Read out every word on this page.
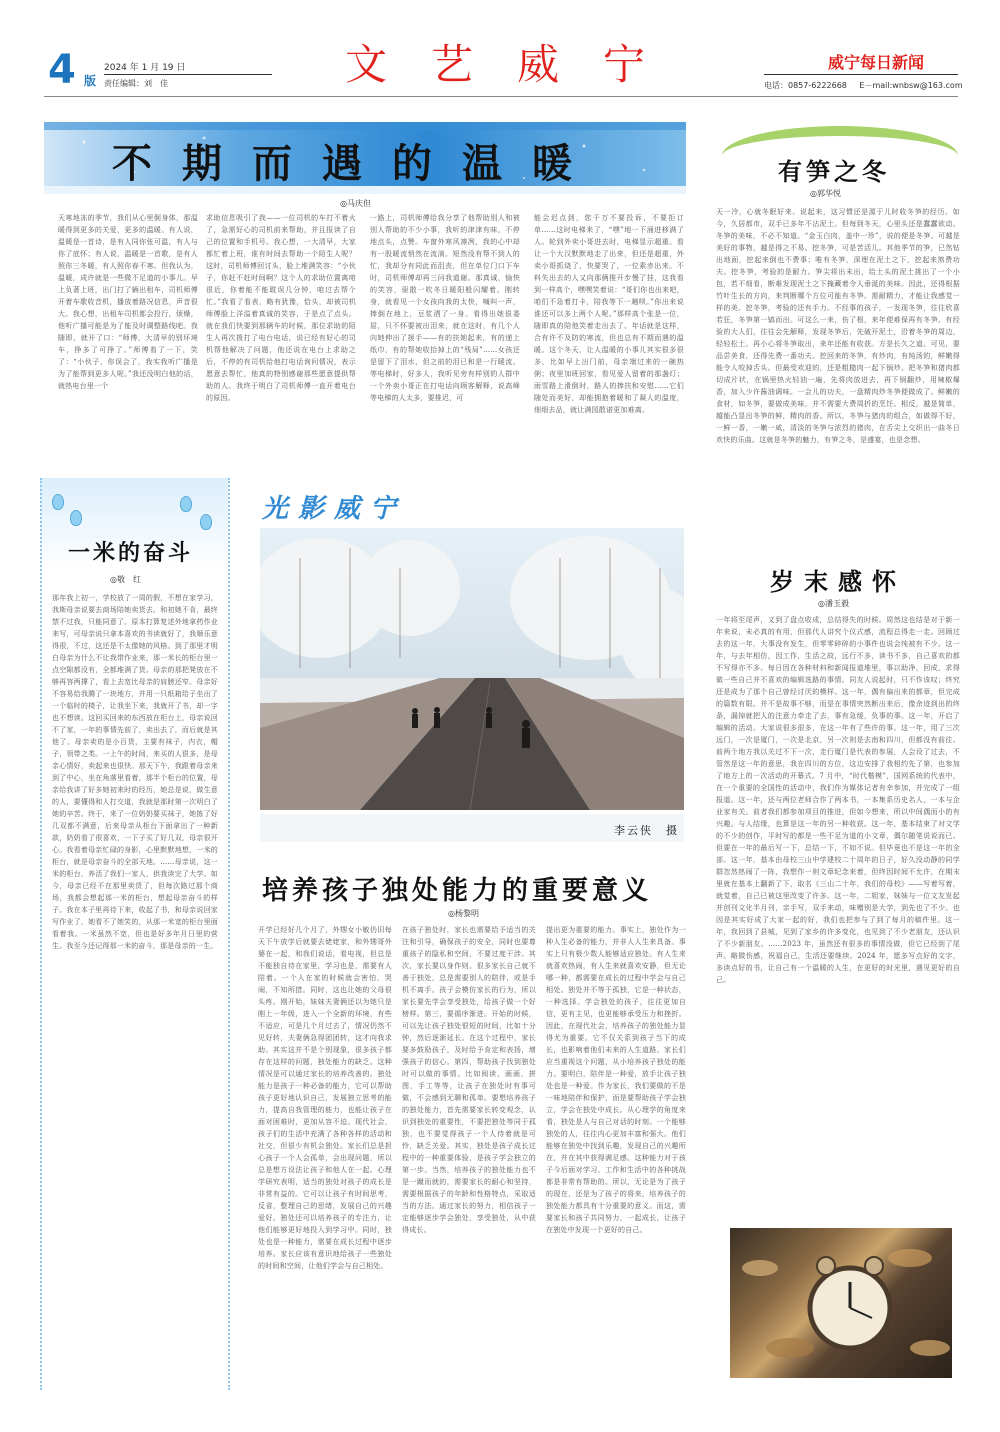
4 版
2024 年 1 月 19 日
责任编辑：刘　佳	文艺威宁	威宁每日新闻
电话：0857-6222668 E－mail:wnbsw@163.com
不期而遇的温暖
◎马庆但
天寒地冻的季节，我们从心里倒身体，那温暖得到更多的关爱，更多的温暖。有人说，温暖是一首诗，是有人同你张可温，有人与你了底怀；有人说，温暖是一首歌，是有人照你三冬暖，有人照你春不寒。但我认为，温暖，成许就是一些微不足道的小事儿。早上负著上班，出门打了辆出租车，司机师傅开着车歌收音机，播放着路况信息，声音很大。我心想，出租车司机都会投行，烦燥，他听广播可能是为了能及时调整路线吧。我随即，就开了口：“师傅，大清早的别环境车，挣多了可挣了。”师傅看了一下，笑了：“小伙子，你误会了，我实我听广播是为了能帮到更多人呢。”我还没明白他的话，就热电台里一个
求助信息吸引了我——一位司机的车打不着火了，急需好心的司机前来帮助，并且报读了自己的位置和手机号。我心想，一大清早，大家都忙着上班，谁有时间去帮助一个陌生人呢？这时，司机师傅回讨头，脸上堆满笑容：“小伙子，你赶不赶时间啊？这个人的求助位置离咱很近，你着能不能耽误几分钟，咱过去帮个忙。”我看了看表，略有犹豫，恰头，却被司机师傅脸上洋溢着真诚的笑容，于是点了点头。就在我们快要到那辆车的时候，那位求助的陌生人再次拨打了电台电话，说已经有好心的司机帮他解决了问题，他还说在电台上求助之后，不停的有司机给他打电话询问情况，表示愿意去帮忙，他真的特别感谢那些愿意提供帮助的人。我终于明白了司机师傅一直开着电台的原因。
一路上，司机师傅给我分享了他帮助别人和被别人帮助的不少小事，我听的津津有味，不停地点头，点赞。车窗外寒风凛冽，我的心中却有一股暖流悄然在流淌。短然没有帮不到人的忙，我却分有同此而沮丧，但在单位门口下车时，司机师傅却再三问我道谢。那真诚，愉快的笑容，驱散一吹冬日暖阳般闪耀着。刚转身，就看见一个女孩向我的太快，喊叫一声，捧倒在地上，豆浆洒了一身。看得出她很委屈，只不怀要被出泪来，就在这时，有几个人向她伸出了援手——有的扶她起来，有的递上纸巾，有的帮她收拾掉上的“残局”……女孩还是留下了泪水，但之前的泪已和是一行暖流。等电梯时，好多人，我听见旁有样别的人群中一个外卖小哥正在打电话向顾客解释，说高峰等电梯的人太多，要推迟，可
能会迟点到，您千万不要投诉，不要拒订单……这时电梯来了，“嘿”地一下涌进移满了人。轮到外卖小哥进去时，电梯显示超重。看让一个大汉默默地走了出来，但还是超重，外卖小哥抓烧了，快要哭了，一位素赤出来。不料失出去的人又向那俩推开步慢了挂，这我看到一样高个，嘿嘿笑着说：“哥们你也出来吧，咱们不急着打卡，陪我等下一趟呗。”你出来说谁还可以多上两个人呢。”那样高个张是一位，随即真的陪他笑着走出去了。年话就是这样，合有许不及防的寒流，但也总有不期而遇的温暖。这个冬天，让人温暖的小事儿其实很多很多，比如早上出门前，母亲端过来的一碗热粥；夜里加班回家，看见爱人留着的那盏灯；雨雪路上滑倒时，路人的捧扶和安慰……它们随处而美好，却能拥抱着暖和了凝人的温度，细细去品，就让满园散诺更加难离。
有笋之冬
◎郭华悦
天一冷，心就冬眠好来。说起来，这习惯还是源于儿时收冬笋的经历。如今，久居都市，双手已多年不沾泥土。但每到冬天，心里头还是蠢蠢欲动。冬笋的美味，不必不知道。“金玉白肉，盖中一珍”，说的便是冬笋。可越是美好的事物，越是得之不易。挖冬笋，可是苦活儿。其他季节的笋，已然钻出地面，挖起来倒也不费事；唯有冬笋，深埋在泥土之下，挖起来煞费功夫。挖冬笋，考验的是耐力。笋尖将出未出，给土头的泥土挑出了一个小包，若不细看，断难发现泥土之下掩藏着令人垂涎的美味。因此，还得根据竹叶生长的方向，来判断哪个方位可能有冬笋。需耐精力，才能让我感觉一样的美。挖冬笋，考验的还有手力。不经事的孩子，一发现冬笋，往往欣喜若狂，冬笋第一镐而出。可这么一来，伤了根，来年便难保再有冬笋。有经验的大人们，往往会先解释，发现冬笋后，先破开泥土，沿着冬笋的周边，轻轻松土。再小心将冬笋取出，来年还能有收获。方是长久之道。可见，要品尝美食，还得先费一番功夫。挖回来的冬笋，有炒肉，有炖汤的，鲜嫩得能令人咬掉舌头。但最受欢迎的，还是粗糙肉一起下锅炒。把冬笋和猪肉都切成片状，在锅里热火轻油一遍，先将肉放进去，再下锅翻炒，用辣椒爆香，加入少许酱油调味。一会儿的功夫，一盘精肉炒冬笋便做成了。鲜嫩的食材，如冬笋，要做成美味，并不需要大费周折的烹饪。相反，越是简单，越能凸显出冬笋的鲜，精肉的香。所以，冬笋与猪肉的组合，如做得不好，一鲜一香，一嫩一咸，清淡的冬笋与浓烈的猪肉，在舌尖上交织出一曲冬日欢快的乐曲。这就是冬笋的魅力，有笋之冬，是盛宴，也是念想。
岁末感怀
◎潘玉毅
一年将至尾声，又到了盘点收成，总结得失的时候。周然这也结是对于新一年来说，未必真的有用，但那代人讲究个仪式感，流程总得走一走。回顾过去的这一年，大事没有发生，但零零碎碎的小事件也说会纯被有不少。这一年，与去年相仿，因工作，生活之故，远行不多，读书不多，自己喜欢的都不写得亦不多。每日因在各种材料和新闻报道堆里，事以助净，回成，求得做一些自己并不喜欢的编辑选路的事情。同友人说起时，只不作该叹；终究还是成为了那个自己曾经讨厌的模样。这一年，偶有偏出来的都章，但完成的篇数有限。并不是故事不够，而是在事情突然断出来后，像余迹到出的终条，漏掉就把人的注意力牵走了去，事有急缓，负事的事。这一年，开启了编辑的活动。大家说很多很多，在这一年有了些许的事。这一年，用了三次远门，一次是厦门，一次是北京，另一次则是去南和四川，但都没有前往。前两个地方我以关过不下一次，走行厦门是代表的参展，人会设了过去，不管然是这一年的意思，我在四川的方位，这边安排了我相约先了第，也参加了地方上的一次活动的开幕式。7 月中，“时代楷模”，国网系统的代表中，在一个重要的全国性的活动中，我们作为媒体记者有幸参加，并完成了一组报道。这一年，还与两位老师合作了两本书，一本集系历史名人，一本与企业家有关。前者我们都参加项目的推进，但如今想来，所以中间偶而小的有兴趣。与人结缘，也算是这一年的另一种收获。这一年，基本结束了对文学的不少的创作，平时写的都是一些不足为道的小文章，偶尔随笔说说而已。但要在一年的最后写一下，总结一下，不如不说。但毕竟也不是这一年的全部。这一年，基本由母校三山中学建校二十周年的日子，好久没动静的同学群忽然热闹了一阵，我想作一则文章纪念来着，但终因时间不允许，在期末里就在基本上翻新了下，取名《三山二十年，我们的母校》——写着写着，就觉着，自己已被这里改变了许多。这一年，二姐家，妹妹与一位文友发起并创刊文化半月刊，亲手写，双手来动，味赠别是大学，到先也了不少。也因是其实好成了大家一起的好，我们也把参与了到了每月的稿件里。这一年，我回到了县城，见到了家乡的许多变化，也见到了不少老朋友，还认识了不少新朋友。……2023 年，虽然还有很多的事情没做，但它已经到了尾声。略微伤感，祝福自己，生活还要继续。2024 年，愿多写点好的文字，多读点好的书，让自己有一个温暖的人生，在更好的时光里，遇见更好的自己。
一米的奋斗
◎敬　红
那年我上初一，学校放了一周的假，不想在家学习，我斯母亲说要去商场陪她卖货去。和初她不肯，最终禁不过我，只能同意了。原本打算复述外地拿药作业来写，可母亲说只拿本喜欢的书读就好了，我顺乐意得很，不过，这还是不太像她的风格。到了那里才明白母亲为什么不让我带作业来，那一米长的柜台里一点空隙都没有，全都堆满了货。母亲的那把凳放在不够再容两撑了，看上去宽比母亲的肩膀还窄。母亲好不容易给我腾了一块地方，并用一只纸箱给子坐出了一个临时的椅子，让我坐下来，我就开了书，却一字也不想读。这回买回来的东西放在柜台上，母亲说回不了家，一年的事情先前了，卖出去了，而后就是其他了。母亲卖的是小百货，主要有袜子，内衣，帽子，领带之类。一上午的时间，来买的人很多，是母亲心情好，卖起来也很快。那天下午，我跟着母亲来到了中心，坐在角落里看着，那半个柜台的位置，母亲给我讲了好多她初来时的经历，她总是说，做生意的人，要懂得和人打交道，我就是那时第一次明白了她的辛苦。终于，来了一位奶奶要买袜子，她拣了好几双都不满意，后来母亲从柜台下面拿出了一种新款，奶奶看了很喜欢，一下子买了好几双，母亲很开心。我看着母亲忙碌的身影，心里默默地想，一米的柜台，就是母亲奋斗的全部天地。……母亲说，这一米的柜台，养活了我们一家人，供我读完了大学。如今，母亲已经不在那里卖货了，但每次路过那个商场，我都会想起那一米的柜台，想起母亲奋斗的样子。我在本子里再待下来，收起了书，和母亲说回家写作业了，她看不了她笑的，从那一米宽的柜台里面看着我。一米虽然不宽，但也是好多年月日里的营生。我至今还记得那一米的奋斗，那是母亲的一生。
光影威宁
李云侠　摄
培养孩子独处能力的重要意义
◎杨黎明
开学已经好几个月了，外甥女小敏仍旧每天下午放学后就要去姥姥家，和外甥哥外婆在一起，和我们说话，看电视，但总是不能独自待在家里，学习也是，需要有人陪着。一个人在家的时候就会害怕，哭闹，不知所措。同时，这也让她的父母很头疼。刚开始，妹妹夫妻俩还以为她只是刚上一年级，进入一个全新的环境，有些不适应，可是几个月过去了，情况仍然不见好转，夫妻俩急得团团转，这才向我求助。其实这并不是个别现象，很多孩子都存在这样的问题，独处能力的缺乏。这种情况是可以通过家长的培养改善的。独处能力是孩子一种必备的能力，它可以帮助孩子更好地认识自己，发展独立思考的能力，提高自我管理的能力，也能让孩子在面对困难时，更加从容不迫。现代社会，孩子们的生活中充满了各种各样的活动和社交，但很少有机会独处。家长们总是担心孩子一个人会孤单，会出现问题，所以总是想方设法让孩子和他人在一起。心理学研究表明，适当的独处对孩子的成长是非常有益的。它可以让孩子有时间思考，反省，整理自己的思绪，发展自己的兴趣爱好。独处还可以培养孩子的专注力，让他们能够更好地投入到学习中。同时，独处也是一种能力，需要在成长过程中逐步培养。家长应该有意识地给孩子一些独处的时间和空间，让他们学会与自己相处。
在孩子独处时，家长也需要给予适当的关注和引导，确保孩子的安全，同时也要尊重孩子的隐私和空间，不要过度干涉。其次，家长要以身作则。很多家长自己就不善于独处，总是需要别人的陪伴，或是手机不离手。孩子会模仿家长的行为，所以家长要先学会享受独处，给孩子做一个好榜样。第三，要循序渐进。开始的时候，可以先让孩子独处很短的时间，比如十分钟，然后逐渐延长。在这个过程中，家长要多鼓励孩子，及时给予肯定和表扬，增强孩子的信心。第四，帮助孩子找到独处时可以做的事情。比如阅读，画画，拼图，手工等等，让孩子在独处时有事可做，不会感到无聊和孤单。要想培养孩子的独处能力，首先需要家长转变观念，认识到独处的重要性，不要把独处等同于孤独，也不要觉得孩子一个人待着就是可怜，缺乏关爱。其实，独处是孩子成长过程中的一种重要体验，是孩子学会独立的第一步。当然，培养孩子的独处能力也不是一蹴而就的，需要家长的耐心和坚持，需要根据孩子的年龄和性格特点，采取适当的方法。通过家长的努力，相信孩子一定能够逐步学会独处，享受独处，从中获得成长。
提出更为重要的能力。事实上，独处作为一种人生必备的能力，并非人人生来具备。事实上只有极少数人能够适应独处。有人生来就喜欢热闹，有人生来就喜欢安静，但无论哪一种，都需要在成长的过程中学会与自己相处。独处并不等于孤独，它是一种状态，一种选择。学会独处的孩子，往往更加自信，更有主见，也更能够承受压力和挫折。因此，在现代社会，培养孩子的独处能力显得尤为重要。它不仅关系到孩子当下的成长，也影响着他们未来的人生道路。家长们应当重视这个问题，从小培养孩子独处的能力。要明白，陪伴是一种爱，放手让孩子独处也是一种爱。作为家长，我们要做的不是一味地陪伴和保护，而是要帮助孩子学会独立，学会在独处中成长。从心理学的角度来看，独处是人与自己对话的时刻。一个能够独处的人，往往内心更加丰富和强大。他们能够在独处中找到乐趣，发现自己的兴趣所在，并在其中获得满足感。这种能力对于孩子今后面对学习、工作和生活中的各种挑战都是非常有帮助的。所以，无论是为了孩子的现在，还是为了孩子的将来，培养孩子的独处能力都具有十分重要的意义。而这，需要家长和孩子共同努力，一起成长，让孩子在独处中发现一个更好的自己。
